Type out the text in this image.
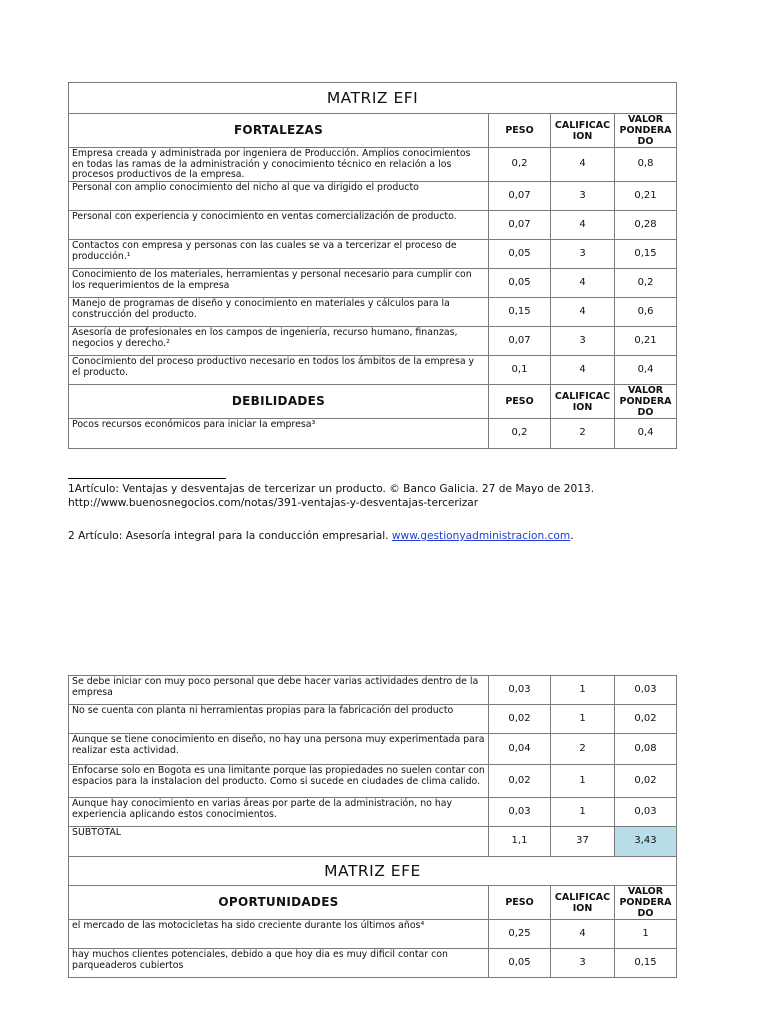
MATRIZ EFI			
FORTALEZAS	PESO	CALIFICAC ION	VALOR PONDERA DO
Empresa creada y administrada por ingeniera de Producción. Amplios conocimientos en todas las ramas de la administración y conocimiento técnico en relación a los procesos productivos de la empresa.	0,2	4	0,8
Personal con amplio conocimiento del nicho al que va dirigido el producto	0,07	3	0,21
Personal con experiencia y conocimiento en ventas comercialización de producto.	0,07	4	0,28
Contactos con empresa y personas con las cuales se va a tercerizar el proceso de producción.¹	0,05	3	0,15
Conocimiento de los materiales, herramientas y personal necesario para cumplir con los requerimientos de la empresa	0,05	4	0,2
Manejo de programas de diseño y conocimiento en materiales y cálculos para la construcción del producto.	0,15	4	0,6
Asesoría de profesionales en los campos de ingeniería, recurso humano, finanzas, negocios y derecho.²	0,07	3	0,21
Conocimiento del proceso productivo necesario en todos los ámbitos de la empresa y el producto.	0,1	4	0,4
DEBILIDADES	PESO	CALIFICAC ION	VALOR PONDERA DO
Pocos recursos económicos para iniciar la empresa³	0,2	2	0,4
1Artículo: Ventajas y desventajas de tercerizar un producto. © Banco Galicia. 27 de Mayo de 2013. http://www.buenosnegocios.com/notas/391-ventajas-y-desventajas-tercerizar
2 Artículo: Asesoría integral para la conducción empresarial. www.gestionyadministracion.com.
Se debe iniciar con muy poco personal que debe hacer varias actividades dentro de la empresa	0,03	1	0,03
No se cuenta con planta ni herramientas propias para la fabricación del producto	0,02	1	0,02
Aunque se tiene conocimiento en diseño, no hay una persona muy experimentada para realizar esta actividad.	0,04	2	0,08
Enfocarse solo en Bogota es una limitante porque las propiedades no suelen contar con espacios para la instalacion del producto. Como si sucede en ciudades de clima calido.	0,02	1	0,02
Aunque hay conocimiento en varias áreas por parte de la administración, no hay experiencia aplicando estos conocimientos.	0,03	1	0,03
SUBTOTAL	1,1	37	3,43
MATRIZ EFE			
OPORTUNIDADES	PESO	CALIFICAC ION	VALOR PONDERA DO
el mercado de las motocicletas ha sido creciente durante los últimos años⁴	0,25	4	1
hay muchos clientes potenciales, debido a que hoy dia es muy dificil contar con parqueaderos cubiertos	0,05	3	0,15
